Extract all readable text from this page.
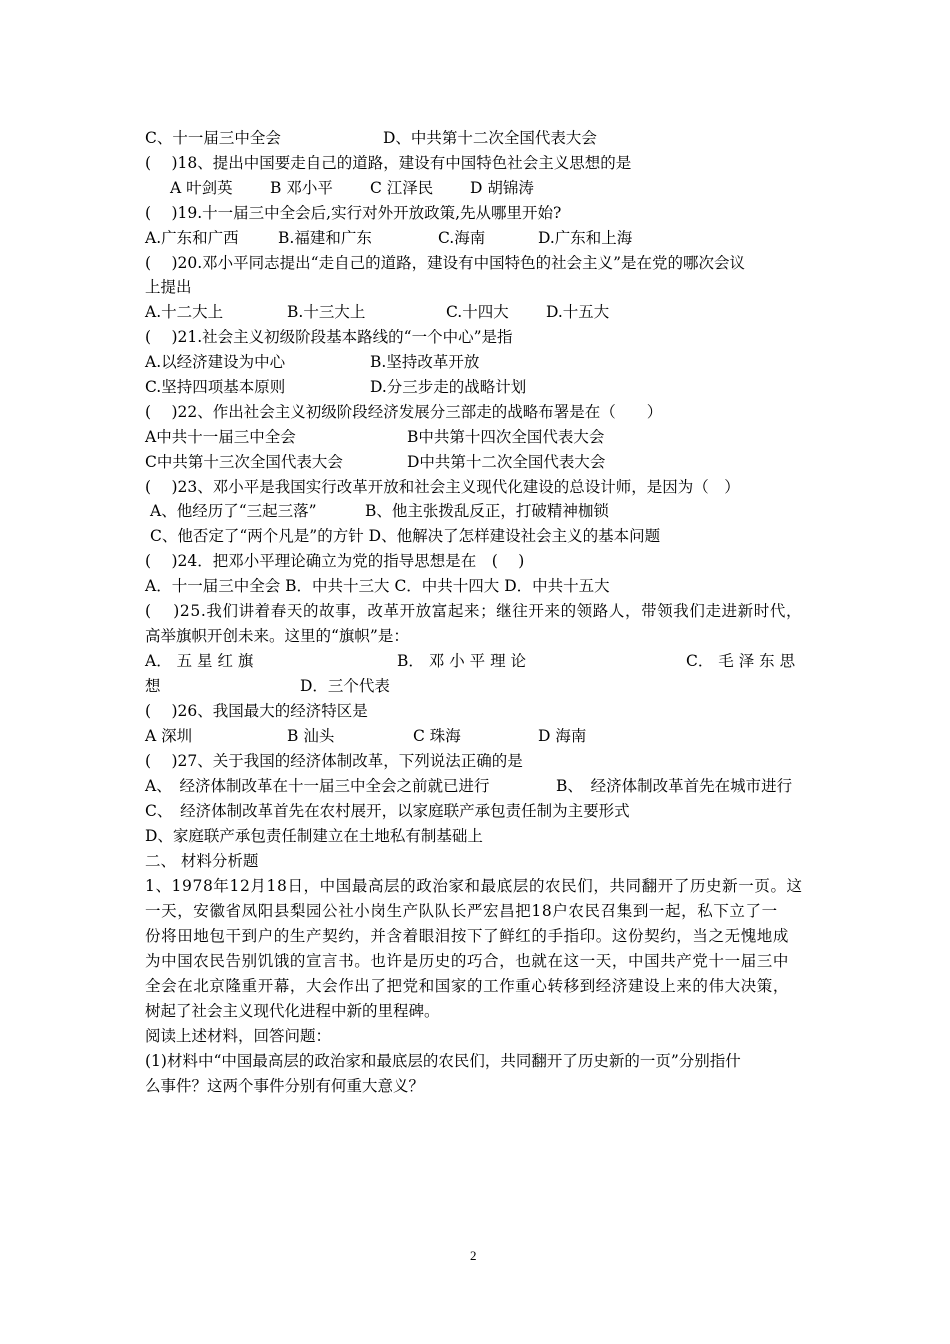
C、十一届三中全会	D、中共第十二次全国代表大会
(　 )18、提出中国要走自己的道路，建设有中国特色社会主义思想的是
A 叶剑英 B 邓小平 C 江泽民 D 胡锦涛
(　 )19.十一届三中全会后,实行对外开放政策,先从哪里开始?
A.广东和广西	B.福建和广东	C.海南	D.广东和上海
(　 )20.邓小平同志提出“走自己的道路，建设有中国特色的社会主义”是在党的哪次会议
上提出
A.十二大上	B.十三大上	C.十四大 D.十五大
(　 )21.社会主义初级阶段基本路线的“一个中心”是指
A.以经济建设为中心	B.坚持改革开放
C.坚持四项基本原则	D.分三步走的战略计划
(　 )22、作出社会主义初级阶段经济发展分三部走的战略布署是在（　　）
A中共十一届三中全会	B中共第十四次全国代表大会
C中共第十三次全国代表大会	D中共第十二次全国代表大会
(　 )23、邓小平是我国实行改革开放和社会主义现代化建设的总设计师，是因为（　）
A、他经历了“三起三落”	B、他主张拨乱反正，打破精神枷锁
C、他否定了“两个凡是”的方针 D、他解决了怎样建设社会主义的基本问题
(　 )24．把邓小平理论确立为党的指导思想是在　(　 )
A．十一届三中全会 B．中共十三大 C．中共十四大 D．中共十五大
(　 )25.我们讲着春天的故事，改革开放富起来；继往开来的领路人，带领我们走进新时代，
高举旗帜开创未来。这里的“旗帜”是：
A． 五 星 红 旗	B． 邓 小 平 理 论	C． 毛 泽 东 思
想	D．三个代表
(　 )26、我国最大的经济特区是
A 深圳	B 汕头	C 珠海	D 海南
(　 )27、关于我国的经济体制改革，下列说法正确的是
A、　经济体制改革在十一届三中全会之前就已进行	B、　经济体制改革首先在城市进行
C、　经济体制改革首先在农村展开，以家庭联产承包责任制为主要形式
D、家庭联产承包责任制建立在土地私有制基础上
二、 材料分析题
1、1978年12月18日，中国最高层的政治家和最底层的农民们，共同翻开了历史新一页。这
一天，安徽省凤阳县梨园公社小岗生产队队长严宏昌把18户农民召集到一起，私下立了一
份将田地包干到户的生产契约，并含着眼泪按下了鲜红的手指印。这份契约，当之无愧地成
为中国农民告别饥饿的宣言书。也许是历史的巧合，也就在这一天，中国共产党十一届三中
全会在北京隆重开幕，大会作出了把党和国家的工作重心转移到经济建设上来的伟大决策，
树起了社会主义现代化进程中新的里程碑。
阅读上述材料，回答问题：
(1)材料中“中国最高层的政治家和最底层的农民们，共同翻开了历史新的一页”分别指什
么事件？这两个事件分别有何重大意义？
2
